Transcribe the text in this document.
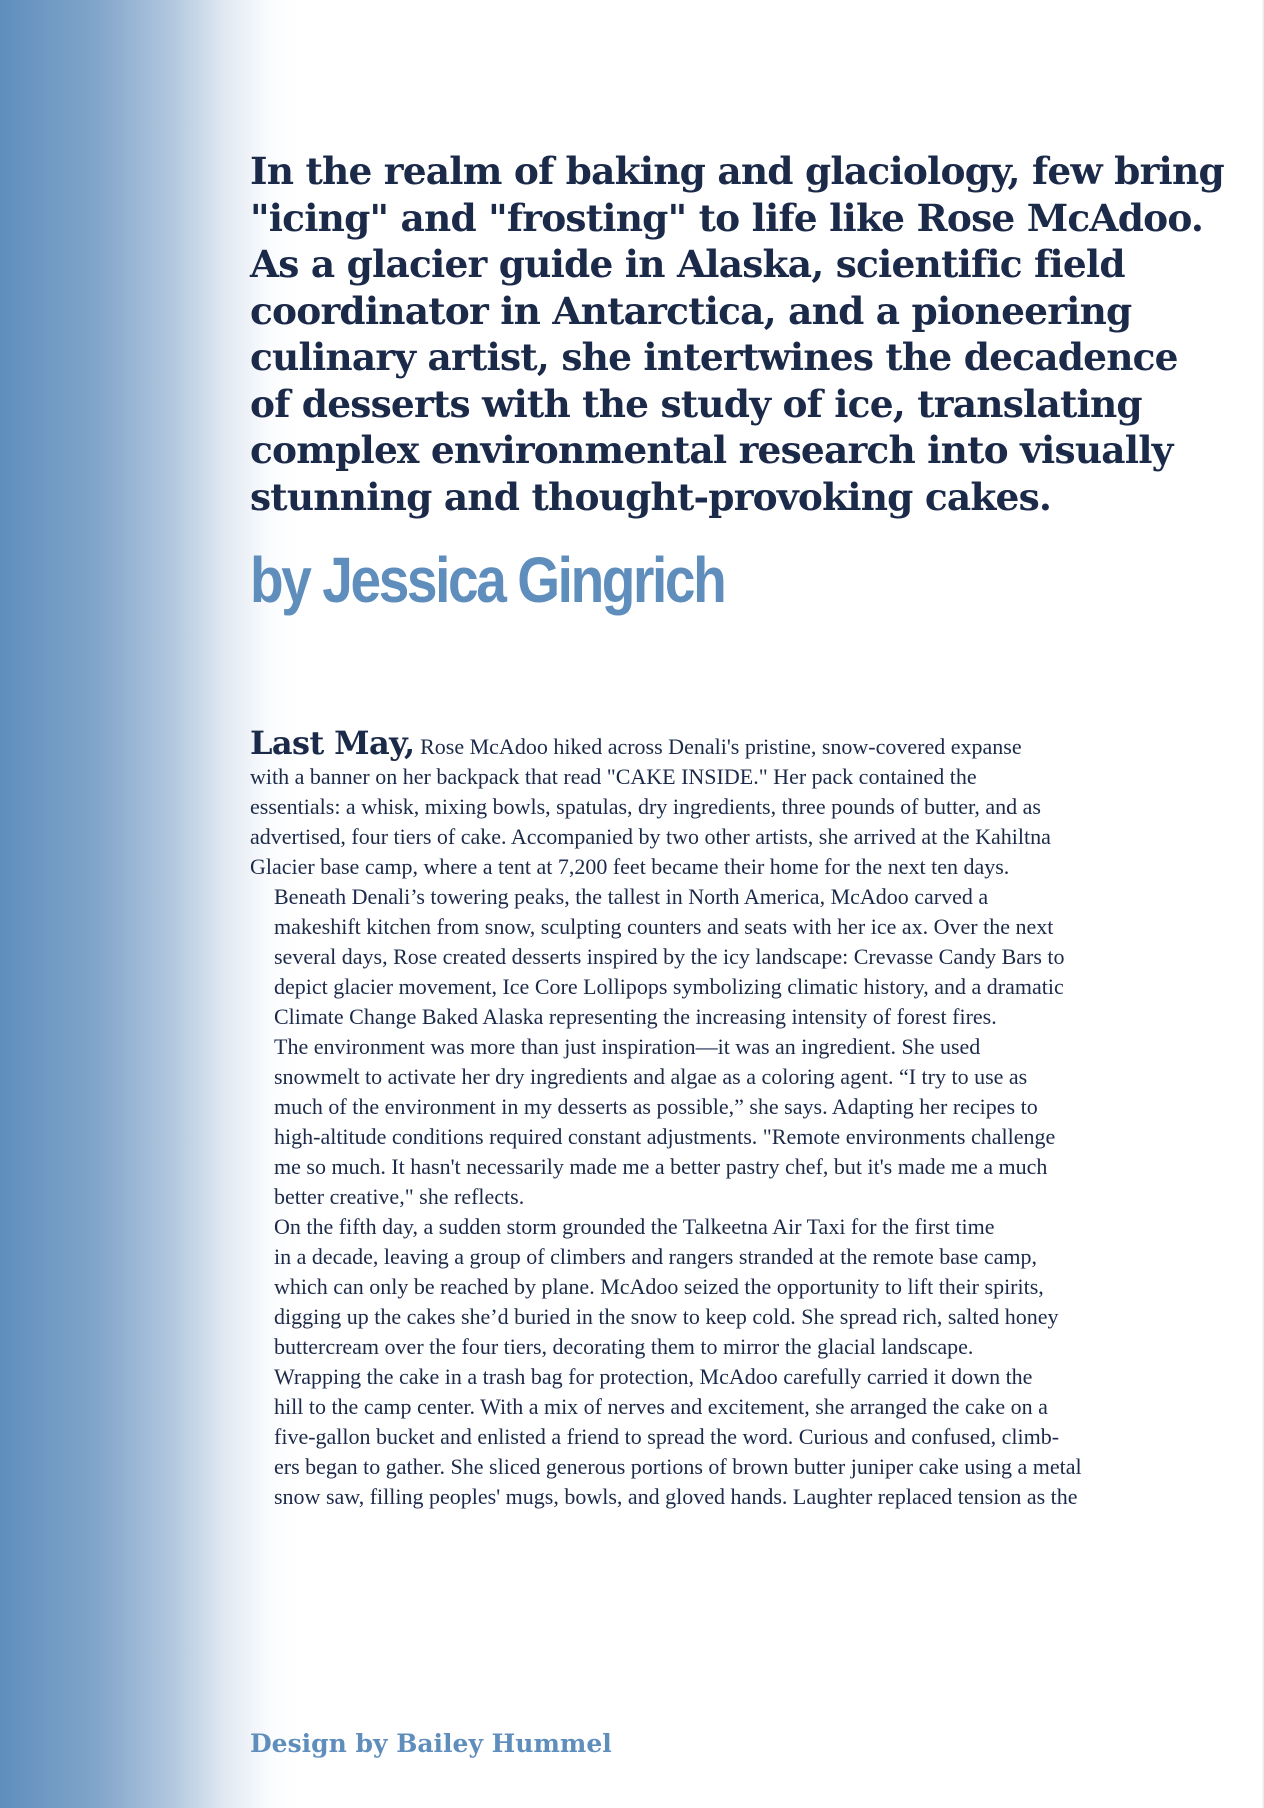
In the realm of baking and glaciology, few bring
"icing" and "frosting" to life like Rose McAdoo.
As a glacier guide in Alaska, scientific field
coordinator in Antarctica, and a pioneering
culinary artist, she intertwines the decadence
of desserts with the study of ice, translating
complex environmental research into visually
stunning and thought-provoking cakes.
by Jessica Gingrich

Last May, Rose McAdoo hiked across Denali's pristine, snow-covered expanse
with a banner on her backpack that read "CAKE INSIDE." Her pack contained the
essentials: a whisk, mixing bowls, spatulas, dry ingredients, three pounds of butter, and as
advertised, four tiers of cake. Accompanied by two other artists, she arrived at the Kahiltna
Glacier base camp, where a tent at 7,200 feet became their home for the next ten days.

Beneath Denali’s towering peaks, the tallest in North America, McAdoo carved a
makeshift kitchen from snow, sculpting counters and seats with her ice ax. Over the next
several days, Rose created desserts inspired by the icy landscape: Crevasse Candy Bars to
depict glacier movement, Ice Core Lollipops symbolizing climatic history, and a dramatic
Climate Change Baked Alaska representing the increasing intensity of forest fires.

The environment was more than just inspiration—it was an ingredient. She used
snowmelt to activate her dry ingredients and algae as a coloring agent. “I try to use as
much of the environment in my desserts as possible,” she says. Adapting her recipes to
high-altitude conditions required constant adjustments. "Remote environments challenge
me so much. It hasn't necessarily made me a better pastry chef, but it's made me a much
better creative," she reflects.

On the fifth day, a sudden storm grounded the Talkeetna Air Taxi for the first time
in a decade, leaving a group of climbers and rangers stranded at the remote base camp,
which can only be reached by plane. McAdoo seized the opportunity to lift their spirits,
digging up the cakes she’d buried in the snow to keep cold. She spread rich, salted honey
buttercream over the four tiers, decorating them to mirror the glacial landscape.

Wrapping the cake in a trash bag for protection, McAdoo carefully carried it down the
hill to the camp center. With a mix of nerves and excitement, she arranged the cake on a
five-gallon bucket and enlisted a friend to spread the word. Curious and confused, climb-
ers began to gather. She sliced generous portions of brown butter juniper cake using a metal
snow saw, filling peoples' mugs, bowls, and gloved hands. Laughter replaced tension as the

Design by Bailey Hummel
